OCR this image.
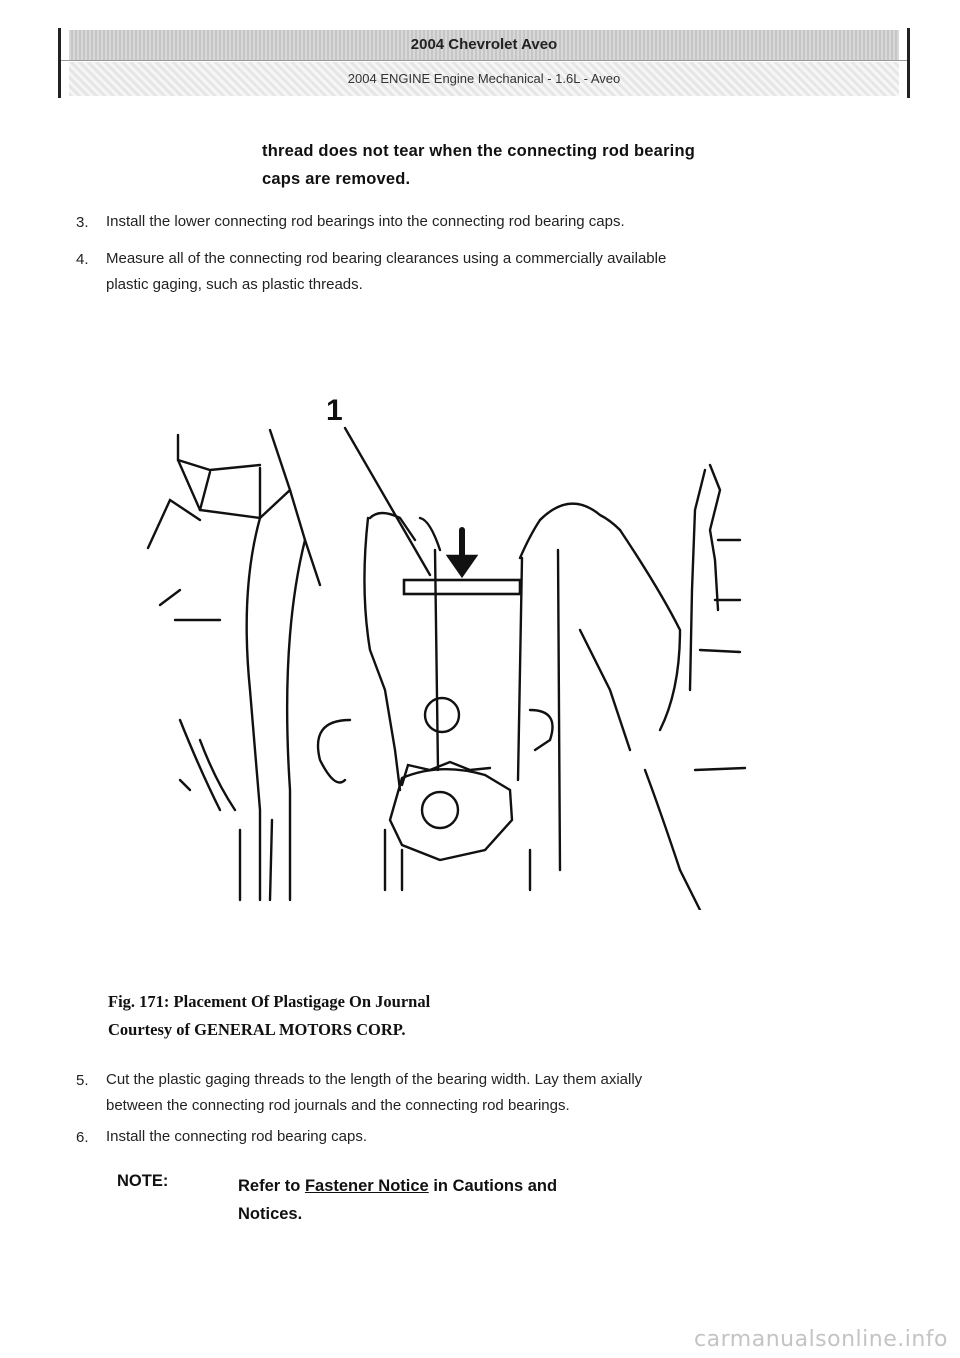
2004 Chevrolet Aveo
2004 ENGINE Engine Mechanical - 1.6L - Aveo
thread does not tear when the connecting rod bearing
caps are removed.
3. Install the lower connecting rod bearings into the connecting rod bearing caps.
4. Measure all of the connecting rod bearing clearances using a commercially available
plastic gaging, such as plastic threads.
1
Fig. 171: Placement Of Plastigage On Journal
Courtesy of GENERAL MOTORS CORP.
5. Cut the plastic gaging threads to the length of the bearing width. Lay them axially
between the connecting rod journals and the connecting rod bearings.
6. Install the connecting rod bearing caps.
NOTE:	Refer to Fastener Notice in Cautions and
Notices.
carmanualsonline.info
